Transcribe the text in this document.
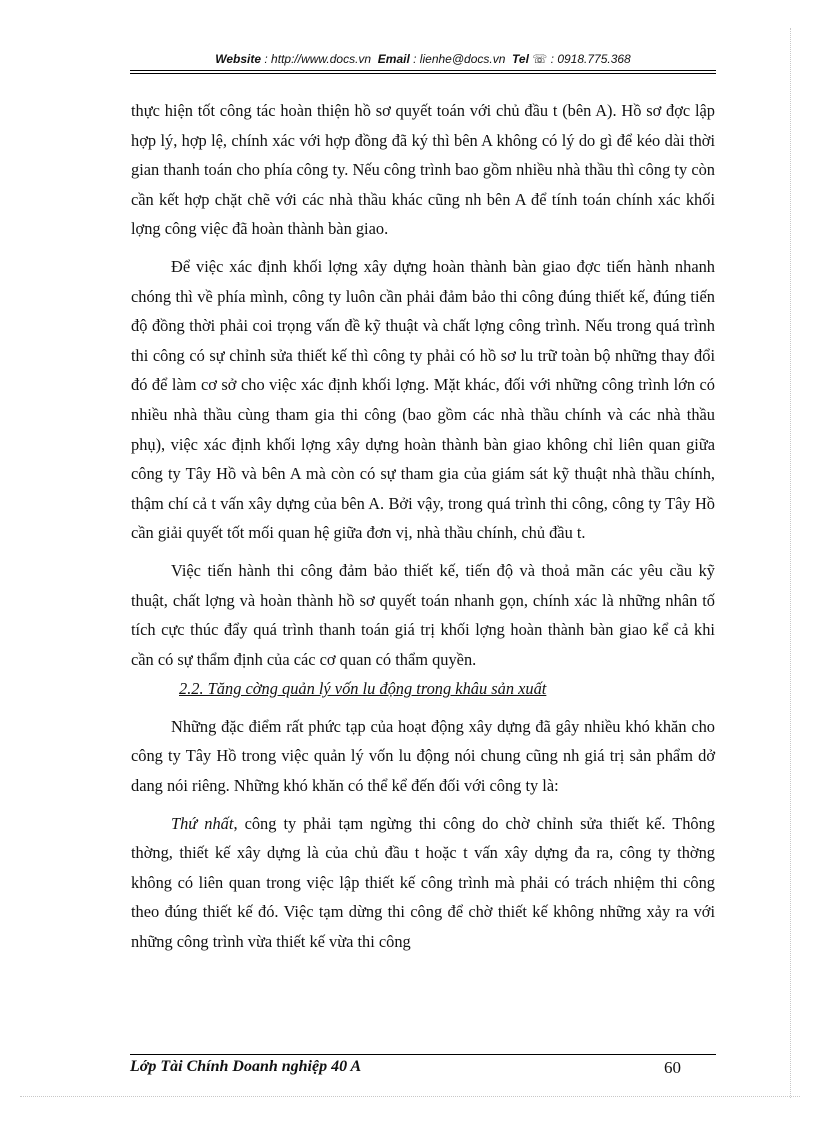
Website : http://www.docs.vn Email : lienhe@docs.vn Tel ☏ : 0918.775.368

thực hiện tốt công tác hoàn thiện hồ sơ quyết toán với chủ đầu t (bên A). Hồ sơ đợc lập hợp lý, hợp lệ, chính xác với hợp đồng đã ký thì bên A không có lý do gì để kéo dài thời gian thanh toán cho phía công ty. Nếu công trình bao gồm nhiều nhà thầu thì công ty còn cần kết hợp chặt chẽ với các nhà thầu khác cũng nh bên A để tính toán chính xác khối lợng công việc đã hoàn thành bàn giao.

Để việc xác định khối lợng xây dựng hoàn thành bàn giao đợc tiến hành nhanh chóng thì về phía mình, công ty luôn cần phải đảm bảo thi công đúng thiết kế, đúng tiến độ đồng thời phải coi trọng vấn đề kỹ thuật và chất lợng công trình. Nếu trong quá trình thi công có sự chỉnh sửa thiết kế thì công ty phải có hồ sơ lu trữ toàn bộ những thay đổi đó để làm cơ sở cho việc xác định khối lợng. Mặt khác, đối với những công trình lớn có nhiều nhà thầu cùng tham gia thi công (bao gồm các nhà thầu chính và các nhà thầu phụ), việc xác định khối lợng xây dựng hoàn thành bàn giao không chỉ liên quan giữa công ty Tây Hồ và bên A mà còn có sự tham gia của giám sát kỹ thuật nhà thầu chính, thậm chí cả t vấn xây dựng của bên A. Bởi vậy, trong quá trình thi công, công ty Tây Hồ cần giải quyết tốt mối quan hệ giữa đơn vị, nhà thầu chính, chủ đầu t.

Việc tiến hành thi công đảm bảo thiết kế, tiến độ và thoả mãn các yêu cầu kỹ thuật, chất lợng và hoàn thành hồ sơ quyết toán nhanh gọn, chính xác là những nhân tố tích cực thúc đẩy quá trình thanh toán giá trị khối lợng hoàn thành bàn giao kể cả khi cần có sự thẩm định của các cơ quan có thẩm quyền.

2.2. Tăng cờng quản lý vốn lu động trong khâu sản xuất

Những đặc điểm rất phức tạp của hoạt động xây dựng đã gây nhiều khó khăn cho công ty Tây Hồ trong việc quản lý vốn lu động nói chung cũng nh giá trị sản phẩm dở dang nói riêng. Những khó khăn có thể kể đến đối với công ty là:

Thứ nhất, công ty phải tạm ngừng thi công do chờ chỉnh sửa thiết kế. Thông thờng, thiết kế xây dựng là của chủ đầu t hoặc t vấn xây dựng đa ra, công ty thờng không có liên quan trong việc lập thiết kế công trình mà phải có trách nhiệm thi công theo đúng thiết kế đó. Việc tạm dừng thi công để chờ thiết kế không những xảy ra với những công trình vừa thiết kế vừa thi công

Lớp Tài Chính Doanh nghiệp 40 A	60
